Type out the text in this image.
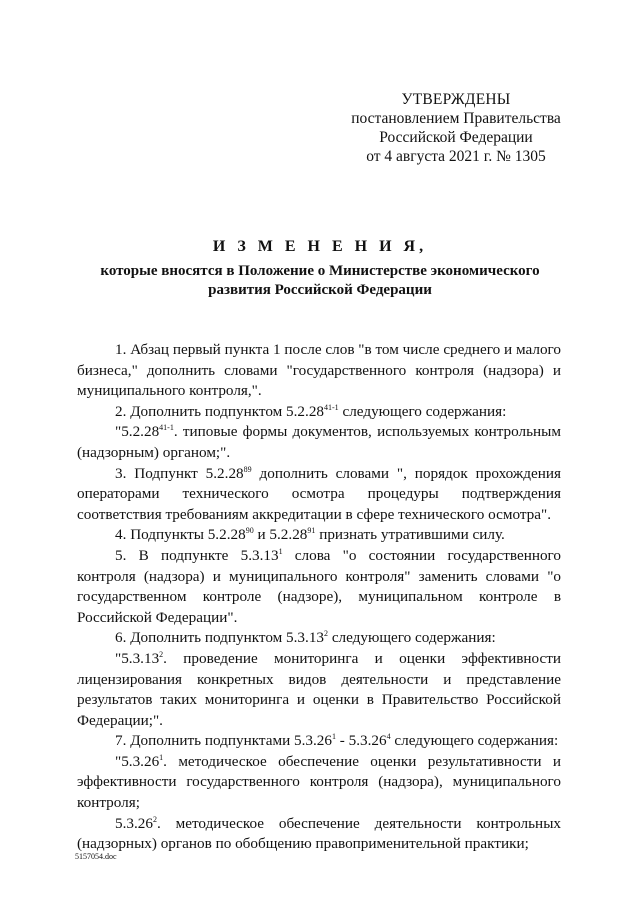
УТВЕРЖДЕНЫ
постановлением Правительства
Российской Федерации
от 4 августа 2021 г. № 1305
И З М Е Н Е Н И Я,
которые вносятся в Положение о Министерстве экономического
развития Российской Федерации

1. Абзац первый пункта 1 после слов "в том числе среднего и малого бизнеса," дополнить словами "государственного контроля (надзора) и муниципального контроля,".

2. Дополнить подпунктом 5.2.28$^{41-1}$ следующего содержания:

"5.2.28$^{41-1}$. типовые формы документов, используемых контрольным (надзорным) органом;".

3. Подпункт 5.2.28$^{89}$ дополнить словами ", порядок прохождения операторами технического осмотра процедуры подтверждения соответствия требованиям аккредитации в сфере технического осмотра".

4. Подпункты 5.2.28$^{90}$ и 5.2.28$^{91}$ признать утратившими силу.

5. В подпункте 5.3.13$^1$ слова "о состоянии государственного контроля (надзора) и муниципального контроля" заменить словами "о государственном контроле (надзоре), муниципальном контроле в Российской Федерации".

6. Дополнить подпунктом 5.3.13$^2$ следующего содержания:

"5.3.13$^2$. проведение мониторинга и оценки эффективности лицензирования конкретных видов деятельности и представление результатов таких мониторинга и оценки в Правительство Российской Федерации;".

7. Дополнить подпунктами 5.3.26$^1$ - 5.3.26$^4$ следующего содержания:

"5.3.26$^1$. методическое обеспечение оценки результативности и эффективности государственного контроля (надзора), муниципального контроля;

5.3.26$^2$. методическое обеспечение деятельности контрольных (надзорных) органов по обобщению правоприменительной практики;

5157054.doc
